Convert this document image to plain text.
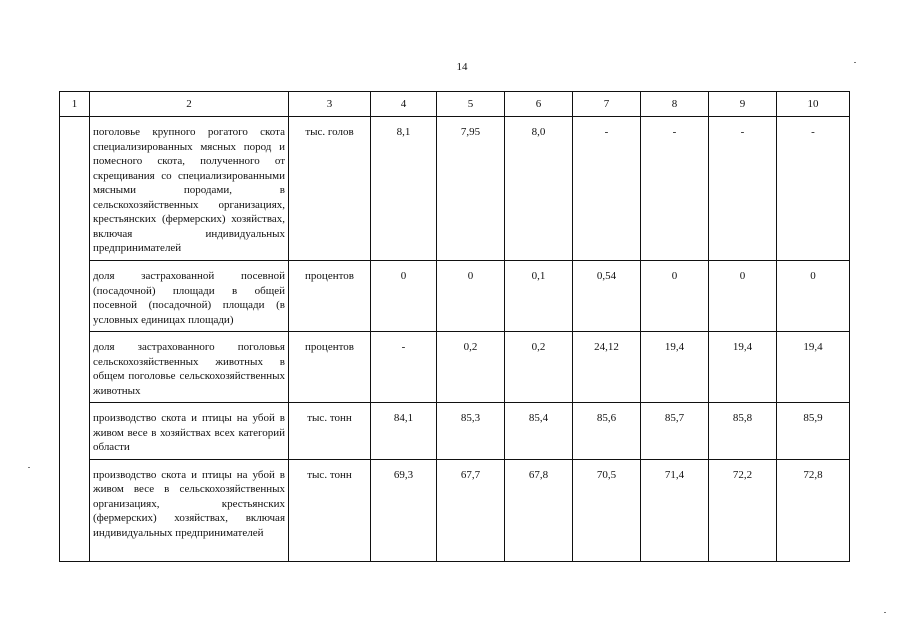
14
1	2	3	4	5	6	7	8	9	10
	поголовье крупного рогатого скота специализированных мясных пород и помесного скота, полученного от скрещивания со специализированными мясными породами, в сельскохозяйственных организациях, крестьянских (фермерских) хозяйствах, включая индивидуальных предпринимателей	тыс. голов	8,1	7,95	8,0	-	-	-	-
	доля застрахованной посевной (посадочной) площади в общей посевной (посадочной) площади (в условных единицах площади)	процентов	0	0	0,1	0,54	0	0	0
	доля застрахованного поголовья сельскохозяйственных животных в общем поголовье сельскохозяйственных животных	процентов	-	0,2	0,2	24,12	19,4	19,4	19,4
	производство скота и птицы на убой в живом весе в хозяйствах всех категорий области	тыс. тонн	84,1	85,3	85,4	85,6	85,7	85,8	85,9
	производство скота и птицы на убой в живом весе в сельскохозяйственных организациях, крестьянских (фермерских) хозяйствах, включая индивидуальных предпринимателей	тыс. тонн	69,3	67,7	67,8	70,5	71,4	72,2	72,8
